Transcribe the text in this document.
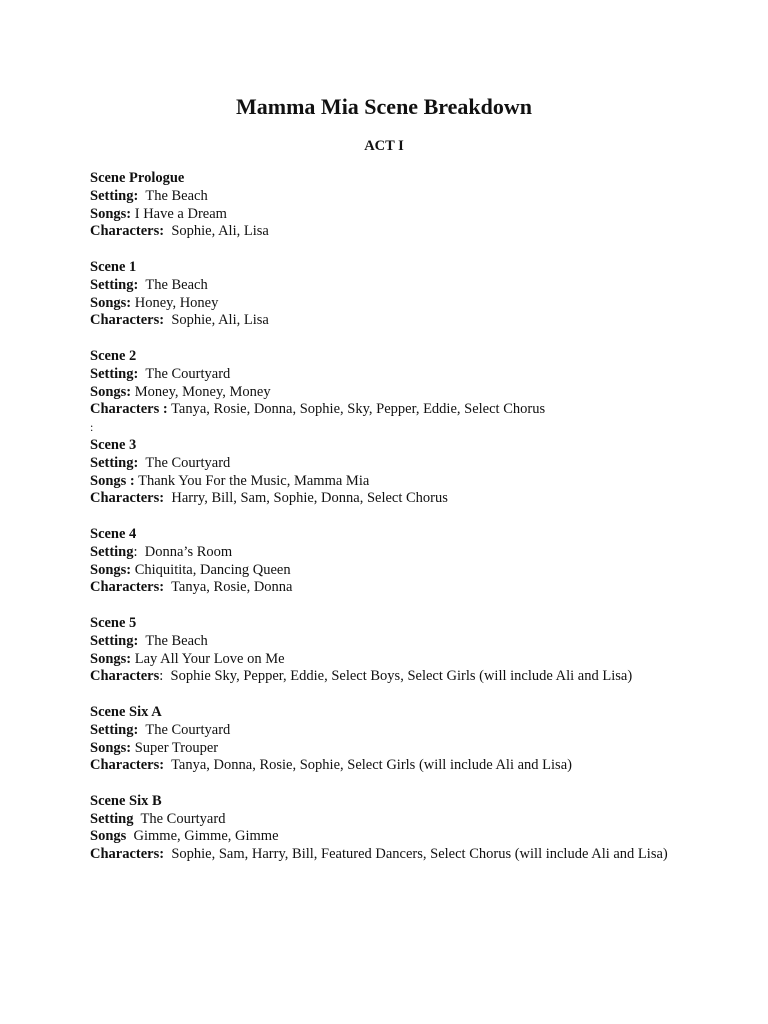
Mamma Mia Scene Breakdown
ACT I
Scene Prologue
Setting:  The Beach
Songs: I Have a Dream
Characters:  Sophie, Ali, Lisa
Scene 1
Setting:  The Beach
Songs: Honey, Honey
Characters:  Sophie, Ali, Lisa
Scene 2
Setting:  The Courtyard
Songs: Money, Money, Money
Characters : Tanya, Rosie, Donna, Sophie, Sky, Pepper, Eddie, Select Chorus
:
Scene 3
Setting:  The Courtyard
Songs : Thank You For the Music, Mamma Mia
Characters:  Harry, Bill, Sam, Sophie, Donna, Select Chorus
Scene 4
Setting:  Donna’s Room
Songs: Chiquitita, Dancing Queen
Characters:  Tanya, Rosie, Donna
Scene 5
Setting:  The Beach
Songs: Lay All Your Love on Me
Characters:  Sophie Sky, Pepper, Eddie, Select Boys, Select Girls (will include Ali and Lisa)
Scene Six A
Setting:  The Courtyard
Songs: Super Trouper
Characters:  Tanya, Donna, Rosie, Sophie, Select Girls (will include Ali and Lisa)
Scene Six B
Setting  The Courtyard
Songs  Gimme, Gimme, Gimme
Characters:  Sophie, Sam, Harry, Bill, Featured Dancers, Select Chorus (will include Ali and Lisa)
